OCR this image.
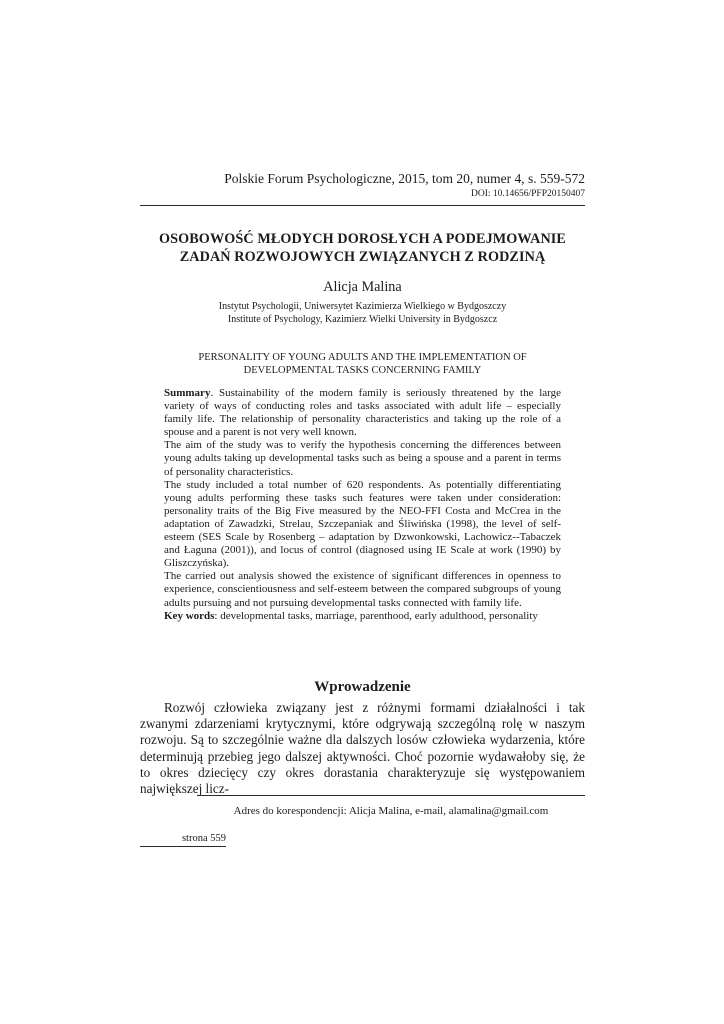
Polskie Forum Psychologiczne, 2015, tom 20, numer 4, s. 559-572
DOI: 10.14656/PFP20150407
OSOBOWOŚĆ MŁODYCH DOROSŁYCH A PODEJMOWANIE
ZADAŃ ROZWOJOWYCH ZWIĄZANYCH Z RODZINĄ
Alicja Malina
Instytut Psychologii, Uniwersytet Kazimierza Wielkiego w Bydgoszczy
Institute of Psychology, Kazimierz Wielki University in Bydgoszcz
PERSONALITY OF YOUNG ADULTS AND THE IMPLEMENTATION OF
DEVELOPMENTAL TASKS CONCERNING FAMILY

Summary. Sustainability of the modern family is seriously threatened by the large variety of ways of conducting roles and tasks associated with adult life – especially family life. The relationship of personality characteristics and taking up the role of a spouse and a parent is not very well known.

The aim of the study was to verify the hypothesis concerning the differences between young adults taking up developmental tasks such as being a spouse and a parent in terms of personality characteristics.

The study included a total number of 620 respondents. As potentially differentiating young adults performing these tasks such features were taken under consideration: personality traits of the Big Five measured by the NEO-FFI Costa and McCrea in the adaptation of Zawadzki, Strelau, Szczepaniak and Śliwińska (1998), the level of self-esteem (SES Scale by Rosenberg – adaptation by Dzwonkowski, Lachowicz--Tabaczek and Łaguna (2001)), and locus of control (diagnosed using IE Scale at work (1990) by Gliszczyńska).

The carried out analysis showed the existence of significant differences in openness to experience, conscientiousness and self-esteem between the compared subgroups of young adults pursuing and not pursuing developmental tasks connected with family life.

Key words: developmental tasks, marriage, parenthood, early adulthood, personality

Wprowadzenie

Rozwój człowieka związany jest z różnymi formami działalności i tak zwanymi zdarzeniami krytycznymi, które odgrywają szczególną rolę w naszym rozwoju. Są to szczególnie ważne dla dalszych losów człowieka wydarzenia, które determinują przebieg jego dalszej aktywności. Choć pozornie wydawałoby się, że to okres dziecięcy czy okres dorastania charakteryzuje się występowaniem największej licz-

Adres do korespondencji: Alicja Malina, e-mail, alamalina@gmail.com
strona 559
